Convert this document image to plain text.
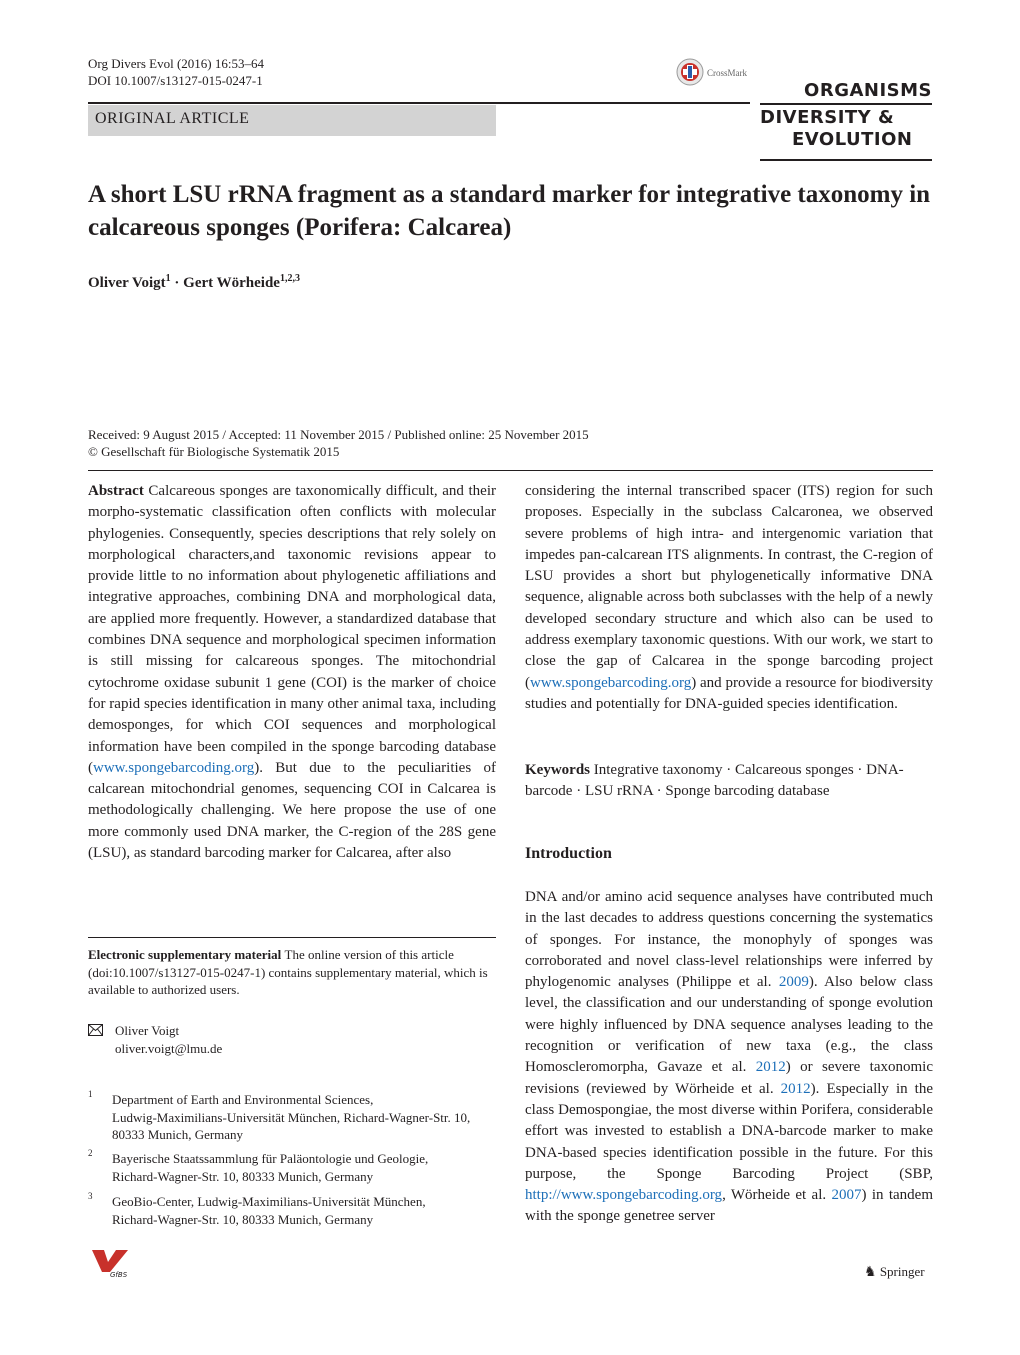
Org Divers Evol (2016) 16:53–64
DOI 10.1007/s13127-015-0247-1	CrossMark
ORIGINAL ARTICLE
ORGANISMS
DIVERSITY &
EVOLUTION
A short LSU rRNA fragment as a standard marker for integrative taxonomy in calcareous sponges (Porifera: Calcarea)
Oliver Voigt$^1$ · Gert Wörheide$^{1,2,3}$
Received: 9 August 2015 / Accepted: 11 November 2015 / Published online: 25 November 2015
© Gesellschaft für Biologische Systematik 2015

Abstract Calcareous sponges are taxonomically difficult, and their morpho-systematic classification often conflicts with molecular phylogenies. Consequently, species descriptions that rely solely on morphological characters,and taxonomic revisions appear to provide little to no information about phylogenetic affiliations and integrative approaches, combining DNA and morphological data, are applied more frequently. However, a standardized database that combines DNA sequence and morphological specimen information is still missing for calcareous sponges. The mitochondrial cytochrome oxidase subunit 1 gene (COI) is the marker of choice for rapid species identification in many other animal taxa, including demosponges, for which COI sequences and morphological information have been compiled in the sponge barcoding database (www.spongebarcoding.org). But due to the peculiarities of calcarean mitochondrial genomes, sequencing COI in Calcarea is methodologically challenging. We here propose the use of one more commonly used DNA marker, the C-region of the 28S gene (LSU), as standard barcoding marker for Calcarea, after also

Electronic supplementary material The online version of this article (doi:10.1007/s13127-015-0247-1) contains supplementary material, which is available to authorized users.
Oliver Voigt
oliver.voigt@lmu.de
1 Department of Earth and Environmental Sciences,
Ludwig-Maximilians-Universität München, Richard-Wagner-Str. 10,
80333 Munich, Germany
2 Bayerische Staatssammlung für Paläontologie und Geologie,
Richard-Wagner-Str. 10, 80333 Munich, Germany
3 GeoBio-Center, Ludwig-Maximilians-Universität München,
Richard-Wagner-Str. 10, 80333 Munich, Germany

considering the internal transcribed spacer (ITS) region for such proposes. Especially in the subclass Calcaronea, we observed severe problems of high intra- and intergenomic variation that impedes pan-calcarean ITS alignments. In contrast, the C-region of LSU provides a short but phylogenetically informative DNA sequence, alignable across both subclasses with the help of a newly developed secondary structure and which also can be used to address exemplary taxonomic questions. With our work, we start to close the gap of Calcarea in the sponge barcoding project (www.spongebarcoding.org) and provide a resource for biodiversity studies and potentially for DNA-guided species identification.

Keywords Integrative taxonomy · Calcareous sponges · DNA-barcode · LSU rRNA · Sponge barcoding database
Introduction

DNA and/or amino acid sequence analyses have contributed much in the last decades to address questions concerning the systematics of sponges. For instance, the monophyly of sponges was corroborated and novel class-level relationships were inferred by phylogenomic analyses (Philippe et al. 2009). Also below class level, the classification and our understanding of sponge evolution were highly influenced by DNA sequence analyses leading to the recognition or verification of new taxa (e.g., the class Homoscleromorpha, Gavaze et al. 2012) or severe taxonomic revisions (reviewed by Wörheide et al. 2012). Especially in the class Demospongiae, the most diverse within Porifera, considerable effort was invested to establish a DNA-barcode marker to make DNA-based species identification possible in the future. For this purpose, the Sponge Barcoding Project (SBP, http://www.spongebarcoding.org, Wörheide et al. 2007) in tandem with the sponge genetree server

GfBS	♞ Springer
